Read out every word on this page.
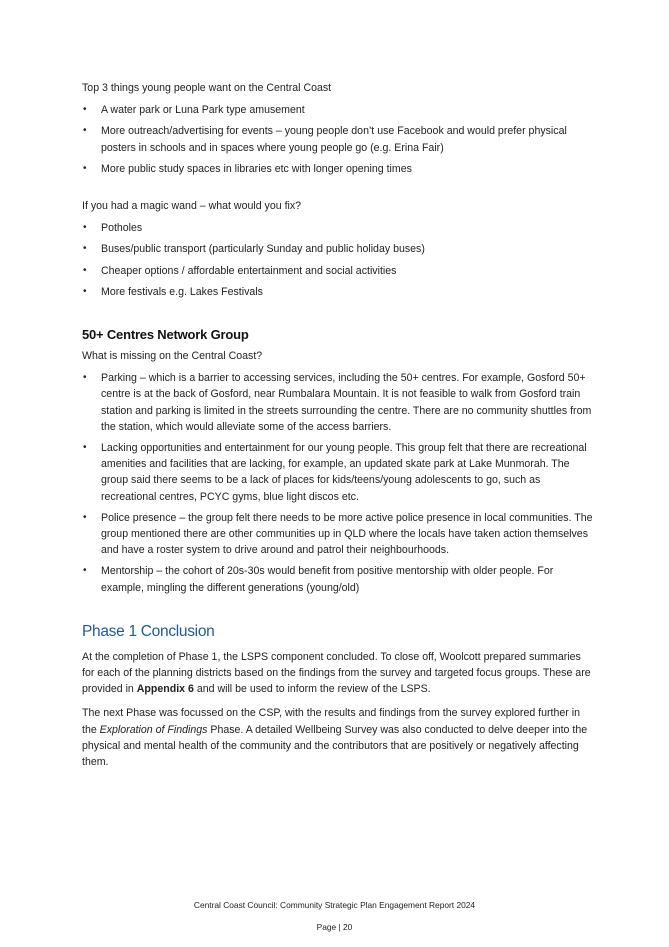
Top 3 things young people want on the Central Coast

• A water park or Luna Park type amusement
• More outreach/advertising for events – young people don’t use Facebook and would prefer physical posters in schools and in spaces where young people go (e.g. Erina Fair)
• More public study spaces in libraries etc with longer opening times

If you had a magic wand – what would you fix?

• Potholes
• Buses/public transport (particularly Sunday and public holiday buses)
• Cheaper options / affordable entertainment and social activities
• More festivals e.g. Lakes Festivals
50+ Centres Network Group

What is missing on the Central Coast?

• Parking – which is a barrier to accessing services, including the 50+ centres. For example, Gosford 50+ centre is at the back of Gosford, near Rumbalara Mountain. It is not feasible to walk from Gosford train station and parking is limited in the streets surrounding the centre. There are no community shuttles from the station, which would alleviate some of the access barriers.
• Lacking opportunities and entertainment for our young people. This group felt that there are recreational amenities and facilities that are lacking, for example, an updated skate park at Lake Munmorah. The group said there seems to be a lack of places for kids/teens/young adolescents to go, such as recreational centres, PCYC gyms, blue light discos etc.
• Police presence – the group felt there needs to be more active police presence in local communities. The group mentioned there are other communities up in QLD where the locals have taken action themselves and have a roster system to drive around and patrol their neighbourhoods.
• Mentorship – the cohort of 20s-30s would benefit from positive mentorship with older people. For example, mingling the different generations (young/old)
Phase 1 Conclusion

At the completion of Phase 1, the LSPS component concluded. To close off, Woolcott prepared summaries for each of the planning districts based on the findings from the survey and targeted focus groups. These are provided in Appendix 6 and will be used to inform the review of the LSPS.

The next Phase was focussed on the CSP, with the results and findings from the survey explored further in the Exploration of Findings Phase. A detailed Wellbeing Survey was also conducted to delve deeper into the physical and mental health of the community and the contributors that are positively or negatively affecting them.

Central Coast Council: Community Strategic Plan Engagement Report 2024
Page | 20
